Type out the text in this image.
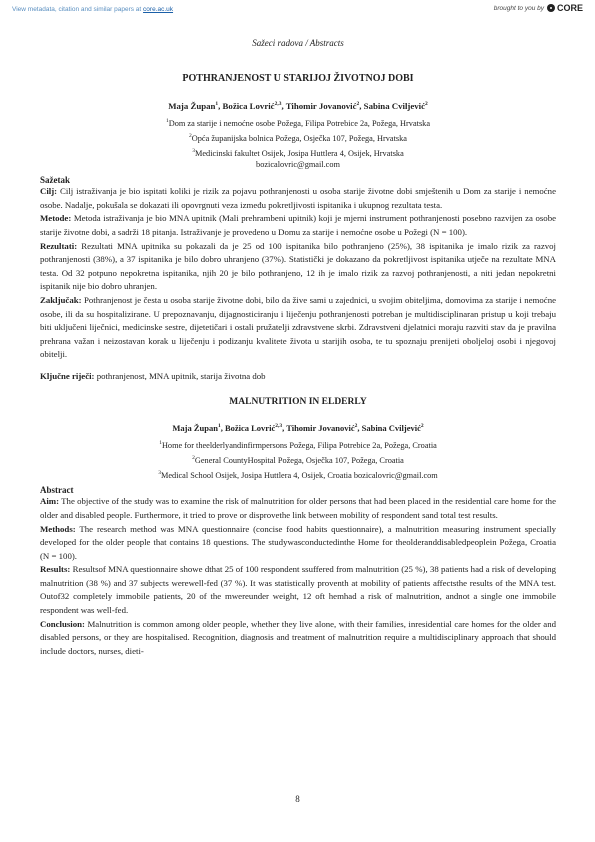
View metadata, citation and similar papers at core.ac.uk	brought to you by CORE
Sažeci radova / Abstracts
POTHRANJENOST U STARIJOJ ŽIVOTNOJ DOBI
Maja Župan$^1$, Božica Lovrić$^{2,3}$, Tihomir Jovanović$^2$, Sabina Cviljević$^2$
$^1$Dom za starije i nemoćne osobe Požega, Filipa Potrebice 2a, Požega, Hrvatska
$^2$Opća županijska bolnica Požega, Osječka 107, Požega, Hrvatska
$^3$Medicinski fakultet Osijek, Josipa Huttlera 4, Osijek, Hrvatska
bozicalovric@gmail.com
Sažetak

Cilj: Cilj istraživanja je bio ispitati koliki je rizik za pojavu pothranjenosti u osoba starije životne dobi smještenih u Dom za starije i nemoćne osobe. Nadalje, pokušala se dokazati ili opovrgnuti veza između pokretljivosti ispitanika i ukupnog rezultata testa.

Metode: Metoda istraživanja je bio MNA upitnik (Mali prehrambeni upitnik) koji je mjerni instrument pothranjenosti posebno razvijen za osobe starije životne dobi, a sadrži 18 pitanja. Istraživanje je provedeno u Domu za starije i nemoćne osobe u Požegi (N = 100).

Rezultati: Rezultati MNA upitnika su pokazali da je 25 od 100 ispitanika bilo pothranjeno (25%), 38 ispitanika je imalo rizik za razvoj pothranjenosti (38%), a 37 ispitanika je bilo dobro uhranjeno (37%). Statistički je dokazano da pokretljivost ispitanika utječe na rezultate MNA testa. Od 32 potpuno nepokretna ispitanika, njih 20 je bilo pothranjeno, 12 ih je imalo rizik za razvoj pothranjenosti, a niti jedan nepokretni ispitanik nije bio dobro uhranjen.

Zaključak: Pothranjenost je česta u osoba starije životne dobi, bilo da žive sami u zajednici, u svojim obiteljima, domovima za starije i nemoćne osobe, ili da su hospitalizirane. U prepoznavanju, dijagnosticiranju i liječenju pothranjenosti potreban je multidisciplinaran pristup u koji trebaju biti uključeni liječnici, medicinske sestre, dijetetičari i ostali pružatelji zdravstvene skrbi. Zdravstveni djelatnici moraju razviti stav da je pravilna prehrana važan i neizostavan korak u liječenju i podizanju kvalitete života u starijih osoba, te tu spoznaju prenijeti oboljeloj osobi i njegovoj obitelji.

Ključne riječi: pothranjenost, MNA upitnik, starija životna dob
MALNUTRITION IN ELDERLY
Maja Župan$^1$, Božica Lovrić$^{2,3}$, Tihomir Jovanović$^2$, Sabina Cviljević$^2$
$^1$Home for theelderlyandinfirmpersons Požega, Filipa Potrebice 2a, Požega, Croatia
$^2$General CountyHospital Požega, Osječka 107, Požega, Croatia
$^3$Medical School Osijek, Josipa Huttlera 4, Osijek, Croatia bozicalovric@gmail.com
Abstract

Aim: The objective of the study was to examine the risk of malnutrition for older persons that had been placed in the residential care home for the older and disabled people. Furthermore, it tried to prove or disprovethe link between mobility of respondent sand total test results.

Methods: The research method was MNA questionnaire (concise food habits questionnaire), a malnutrition measuring instrument specially developed for the older people that contains 18 questions. The studywasconductedinthe Home for theolderanddisabledpeoplein Požega, Croatia (N = 100).

Results: Resultsof MNA questionnaire showe dthat 25 of 100 respondent ssuffered from malnutrition (25 %), 38 patients had a risk of developing malnutrition (38 %) and 37 subjects werewell-fed (37 %). It was statistically proventh at mobility of patients affectsthe results of the MNA test. Outof32 completely immobile patients, 20 of the mwereunder weight, 12 oft hemhad a risk of malnutrition, andnot a single one immobile respondent was well-fed.

Conclusion: Malnutrition is common among older people, whether they live alone, with their families, inresidential care homes for the older and disabled persons, or they are hospitalised. Recognition, diagnosis and treatment of malnutrition require a multidisciplinary approach that should include doctors, nurses, dieti-

8
